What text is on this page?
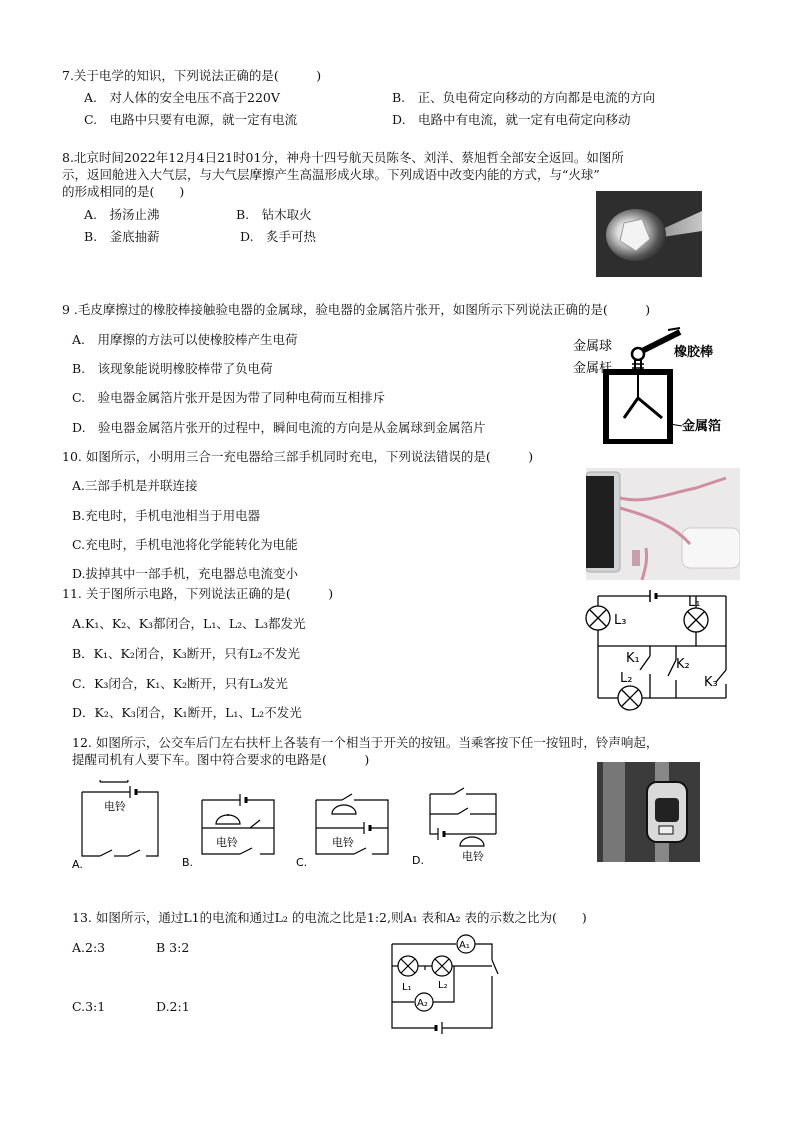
7.关于电学的知识，下列说法正确的是(　　　)
A.　对人体的安全电压不高于220V	B.　正、负电荷定向移动的方向都是电流的方向
C.　电路中只要有电源，就一定有电流	D.　电路中有电流，就一定有电荷定向移动
8.北京时间2022年12月4日21时01分，神舟十四号航天员陈冬、刘洋、蔡旭哲全部安全返回。如图所
示，返回舱进入大气层，与大气层摩擦产生高温形成火球。下列成语中改变内能的方式，与“火球”
的形成相同的是(　　)
A.　扬汤止沸	B.　钻木取火
B.　釜底抽薪	D.　炙手可热
9 .毛皮摩擦过的橡胶棒接触验电器的金属球，验电器的金属箔片张开，如图所示下列说法正确的是(　　　)
A.　用摩擦的方法可以使橡胶棒产生电荷
B.　该现象能说明橡胶棒带了负电荷
C.　验电器金属箔片张开是因为带了同种电荷而互相排斥
D.　验电器金属箔片张开的过程中，瞬间电流的方向是从金属球到金属箔片
金属球
金属杆
橡胶棒
金属箔
10. 如图所示，小明用三合一充电器给三部手机同时充电，下列说法错误的是(　　　)
A.三部手机是并联连接
B.充电时，手机电池相当于用电器
C.充电时，手机电池将化学能转化为电能
D.拔掉其中一部手机，充电器总电流变小
11. 关于图所示电路，下列说法正确的是(　　　)
A.K₁、K₂、K₃都闭合，L₁、L₂、L₃都发光
B．K₁、K₂闭合，K₃断开，只有L₂不发光
C．K₃闭合，K₁、K₂断开，只有L₃发光
D．K₂、K₃闭合，K₁断开，L₁、L₂不发光
L₃
L₁
K₁	K₂
K₃
L₂
12. 如图所示，公交车后门左右扶杆上各装有一个相当于开关的按钮。当乘客按下任一按钮时，铃声响起，
提醒司机有人要下车。图中符合要求的电路是(　　　)
电铃
A.
电铃
B.
电铃
C.	电铃
D.
13. 如图所示，通过L1的电流和通过L₂ 的电流之比是1:2,则A₁ 表和A₂ 表的示数之比为(　　)
A.2:3	B 3:2
C.3:1	D.2:1
A₁
A₂
L₁	L₂
